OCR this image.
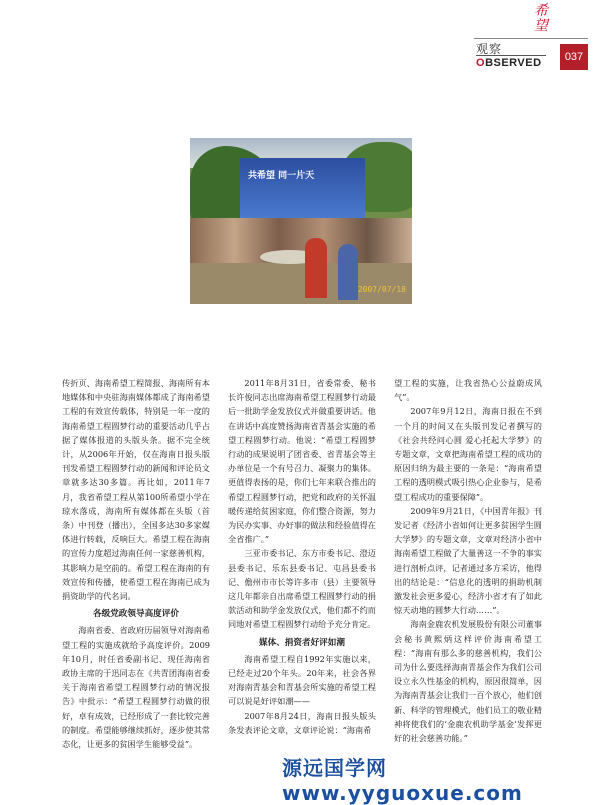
希望
观察
OBSERVED	037
共希望 同一片天
2007/07/18

传折页、海南希望工程简报、海南所有本地媒体和中央驻海南媒体都成了海南希望工程的有效宣传载体，特别是一年一度的海南希望工程圆梦行动的重要活动几乎占据了媒体报道的头版头条。据不完全统计，从2006年开始，仅在海南日报头版刊发希望工程圆梦行动的新闻和评论员文章就多达30多篇。再比如，2011年7月，我省希望工程从第100所希望小学在琼水落成，海南所有媒体都在头版（首条）中刊登（播出），全国多达30多家媒体进行转载，反响巨大。希望工程在海南的宣传力度超过海南任何一家慈善机构，其影响力是空前的。希望工程在海南的有效宣传和传播，使希望工程在海南已成为捐资助学的代名词。

各级党政领导高度评价

海南省委、省政府历届领导对海南希望工程的实施成就给予高度评价。2009年10月，时任省委副书记、现任海南省政协主席的于迅同志在《共青团海南省委关于海南省希望工程圆梦行动的情况报告》中批示：“希望工程圆梦行动做的很好，卓有成效，已经形成了一套比较完善的制度。希望能够继续抓好，逐步使其常态化，让更多的贫困学生能够受益”。

2011年8月31日，省委常委、秘书长许俊同志出席海南希望工程圆梦行动最后一批助学金发放仪式并做重要讲话。他在讲话中高度赞扬海南省青基会实施的希望工程圆梦行动。他说：“希望工程圆梦行动的成果说明了团省委、省青基会等主办单位是一个有号召力、凝聚力的集体。更值得表扬的是，你们七年来联合推出的希望工程圆梦行动，把党和政府的关怀温暖传递给贫困家庭，你们整合资源，努力为民办实事、办好事的做法和经验值得在全省推广。”

三亚市委书记、东方市委书记、澄迈县委书记、乐东县委书记、屯昌县委书记、儋州市市长等许多市（县）主要领导这几年都亲自出席希望工程圆梦行动的捐款活动和助学金发放仪式，他们都不约而同地对希望工程圆梦行动给予充分肯定。

媒体、捐资者好评如潮

海南希望工程自1992年实施以来，已经走过20个年头。20年来，社会各界对海南青基会和青基会所实施的希望工程可以说是好评如潮——

2007年8月24日，海南日报头版头条发表评论文章，文章评论说：“海南希

望工程的实施，让我省热心公益蔚成风气”。

2007年9月12日，海南日报在不到一个月的时间又在头版刊发记者撰写的《社会共经问心圆 爱心托起大学梦》的专题文章，文章把海南希望工程的成功的原因归纳为最主要的一条是：“海南希望工程的透明模式吸引热心企业参与，是希望工程成功的重要保障”。

2009年9月21日，《中国青年报》刊发记者《经济小省如何让更多贫困学生圆大学梦》的专题文章，文章对经济小省中海南希望工程做了大量善这一不争的事实进行剖析点评，记者通过多方采访，他得出的结论是：“信息化的透明的捐助机制激发社会更多爱心，经济小省才有了如此惊天动地的圆梦大行动……”。

海南金鹿农机发展股份有限公司董事会秘书黄熙炳这样评价海南希望工程：“海南有那么多的慈善机构，我们公司为什么要选择海南青基会作为我们公司设立永久性基金的机构，原因很简单，因为海南青基会让我们一百个放心，他们创新、科学的管理模式，他们员工的敬业精神将使我们的‘金鹿农机助学基金’发挥更好的社会慈善功能。”

源远国学网 www.yyguoxue.com
